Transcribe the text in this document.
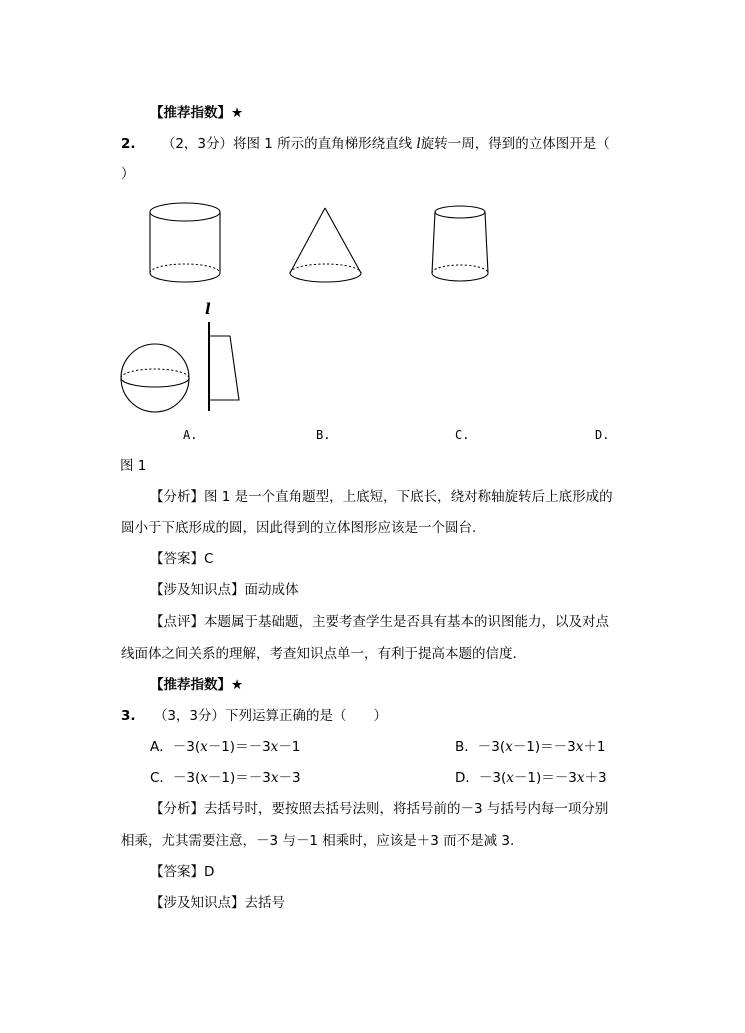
【推荐指数】★
2. （2，3分）将图 1 所示的直角梯形绕直线 l旋转一周，得到的立体图开是（
）
l
A.	B.	C.	D.
图 1
【分析】图 1 是一个直角题型，上底短，下底长，绕对称轴旋转后上底形成的
圆小于下底形成的圆，因此得到的立体图形应该是一个圆台.
【答案】C
【涉及知识点】面动成体
【点评】本题属于基础题，主要考查学生是否具有基本的识图能力，以及对点
线面体之间关系的理解，考查知识点单一，有利于提高本题的信度.
【推荐指数】★
3. （3，3分）下列运算正确的是（　　）
A．－3(x－1)＝－3x－1	B．－3(x－1)＝－3x＋1
C．－3(x－1)＝－3x－3	D．－3(x－1)＝－3x＋3
【分析】去括号时，要按照去括号法则，将括号前的－3 与括号内每一项分别
相乘，尤其需要注意，－3 与－1 相乘时，应该是＋3 而不是减 3.
【答案】D
【涉及知识点】去括号
